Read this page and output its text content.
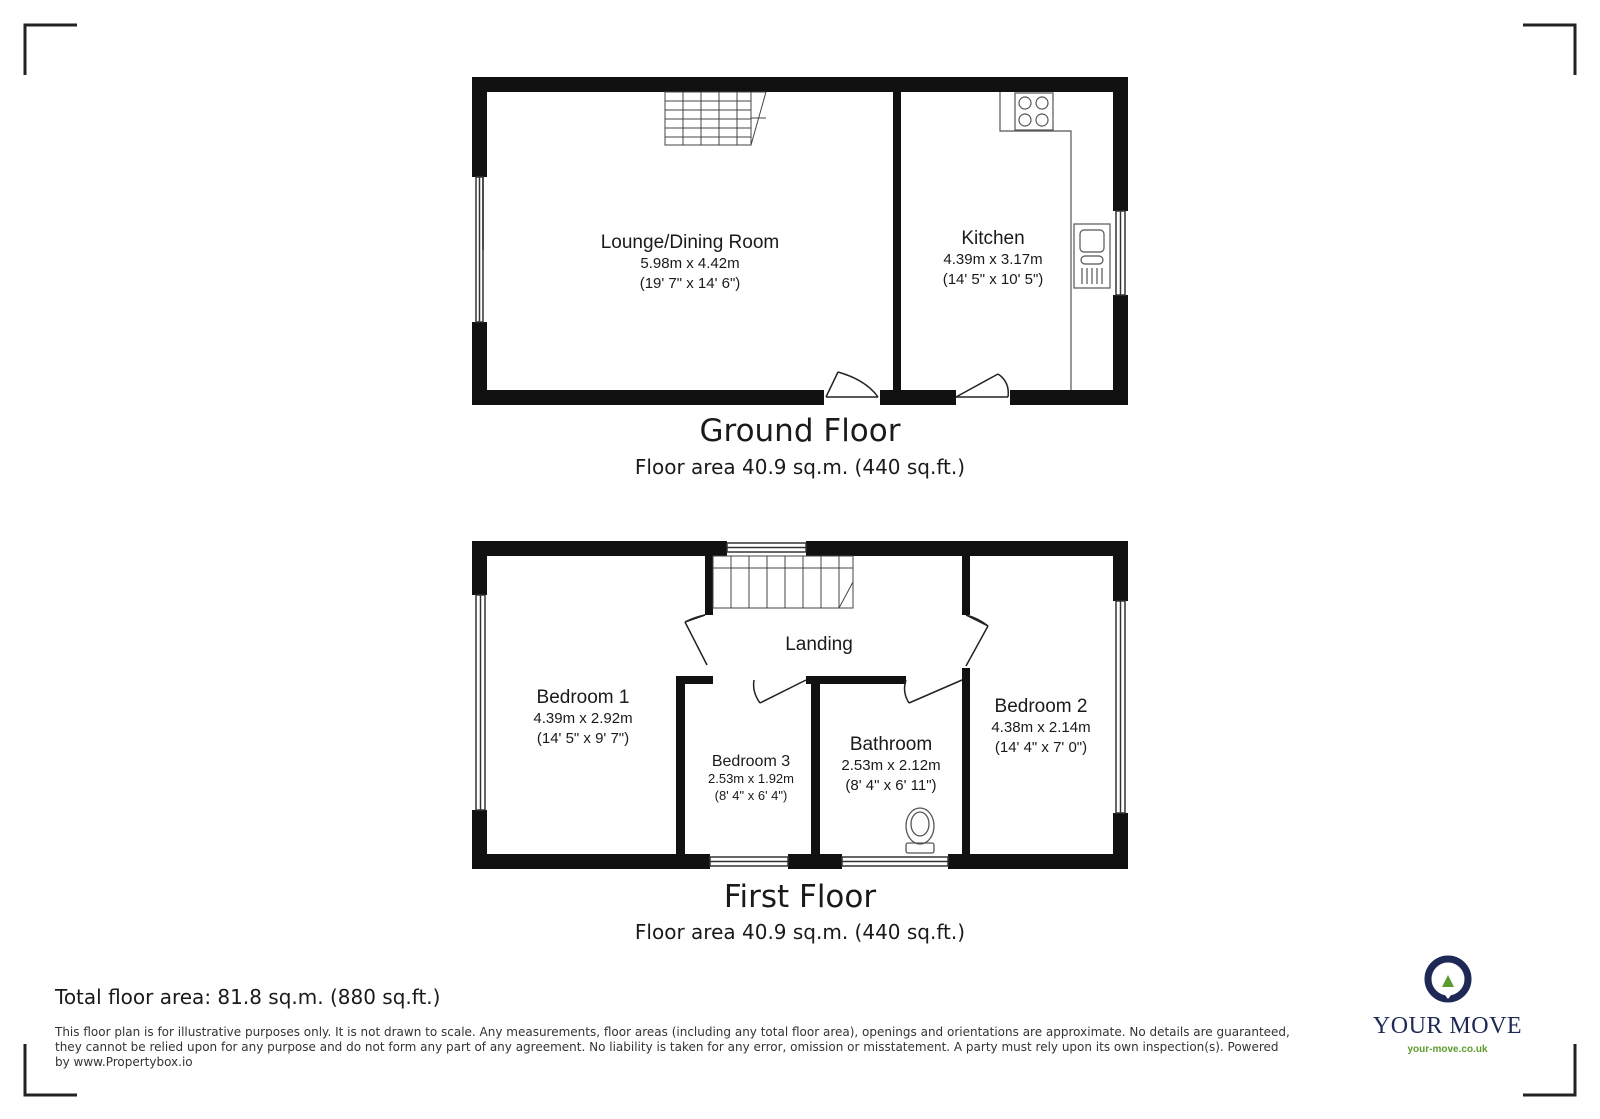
Lounge/Dining Room
5.98m x 4.42m
(19' 7" x 14' 6")
Kitchen
4.39m x 3.17m
(14' 5" x 10' 5")
Ground Floor
Floor area 40.9 sq.m. (440 sq.ft.)
Bedroom 1
4.39m x 2.92m
(14' 5" x 9' 7")
Landing
Bedroom 3
2.53m x 1.92m
(8' 4" x 6' 4")
Bathroom
2.53m x 2.12m
(8' 4" x 6' 11")
Bedroom 2
4.38m x 2.14m
(14' 4" x 7' 0")
First Floor
Floor area 40.9 sq.m. (440 sq.ft.)
Total floor area: 81.8 sq.m. (880 sq.ft.)
This floor plan is for illustrative purposes only. It is not drawn to scale. Any measurements, floor areas (including any total floor area), openings and orientations are approximate. No details are guaranteed, they cannot be relied upon for any purpose and do not form any part of any agreement. No liability is taken for any error, omission or misstatement. A party must rely upon its own inspection(s). Powered by www.Propertybox.io
YOUR MOVE
your-move.co.uk
